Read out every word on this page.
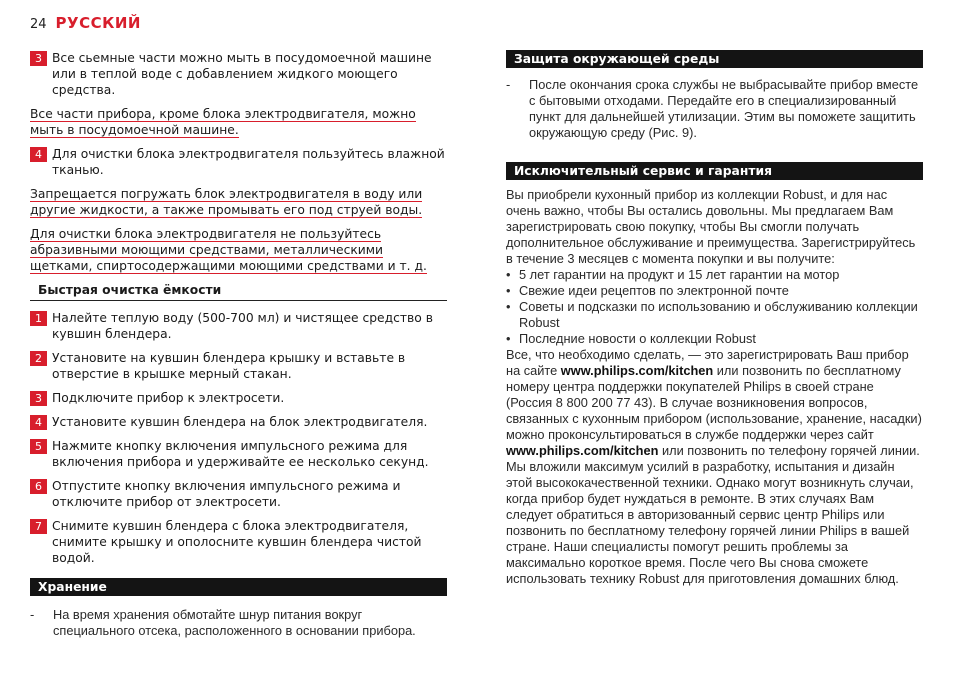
24 РУССКИЙ
3 Все сьемные части можно мыть в посудомоечной машине или в теплой воде с добавлением жидкого моющего средства.
Все части прибора, кроме блока электродвигателя, можно мыть в посудомоечной машине.
4 Для очистки блока электродвигателя пользуйтесь влажной тканью.
Запрещается погружать блок электродвигателя в воду или другие жидкости, а также промывать его под струей воды.
Для очистки блока электродвигателя не пользуйтесь абразивными моющими средствами, металлическими щетками, спиртосодержащими моющими средствами и т. д.
Быстрая очистка ёмкости
1 Налейте теплую воду (500-700 мл) и чистящее средство в кувшин блендера.
2 Установите на кувшин блендера крышку и вставьте в отверстие в крышке мерный стакан.
3 Подключите прибор к электросети.
4 Установите кувшин блендера на блок электродвигателя.
5 Нажмите кнопку включения импульсного режима для включения прибора и удерживайте ее несколько секунд.
6 Отпустите кнопку включения импульсного режима и отключите прибор от электросети.
7 Снимите кувшин блендера с блока электродвигателя, снимите крышку и ополосните кувшин блендера чистой водой.
Хранение
- На время хранения обмотайте шнур питания вокруг специального отсека, расположенного в основании прибора.
Защита окружающей среды
- После окончания срока службы не выбрасывайте прибор вместе с бытовыми отходами. Передайте его в специализированный пункт для дальнейшей утилизации. Этим вы поможете защитить окружающую среду (Рис. 9).
Исключительный сервис и гарантия
Вы приобрели кухонный прибор из коллекции Robust, и для нас очень важно, чтобы Вы остались довольны. Мы предлагаем Вам зарегистрировать свою покупку, чтобы Вы смогли получать дополнительное обслуживание и преимущества. Зарегистрируйтесь в течение 3 месяцев с момента покупки и вы получите:
• 5 лет гарантии на продукт и 15 лет гарантии на мотор
• Свежие идеи рецептов по электронной почте
• Советы и подсказки по использованию и обслуживанию коллекции Robust
• Последние новости о коллекции Robust
Все, что необходимо сделать, — это зарегистрировать Ваш прибор на сайте www.philips.com/kitchen или позвонить по бесплатному номеру центра поддержки покупателей Philips в своей стране (Россия 8 800 200 77 43). В случае возникновения вопросов, связанных с кухонным прибором (использование, хранение, насадки) можно проконсультироваться в службе поддержки через сайт www.philips.com/kitchen или позвонить по телефону горячей линии. Мы вложили максимум усилий в разработку, испытания и дизайн этой высококачественной техники. Однако могут возникнуть случаи, когда прибор будет нуждаться в ремонте. В этих случаях Вам следует обратиться в авторизованный сервис центр Philips или позвонить по бесплатному телефону горячей линии Philips в вашей стране. Наши специалисты помогут решить проблемы за максимально короткое время. После чего Вы снова сможете использовать технику Robust для приготовления домашних блюд.
